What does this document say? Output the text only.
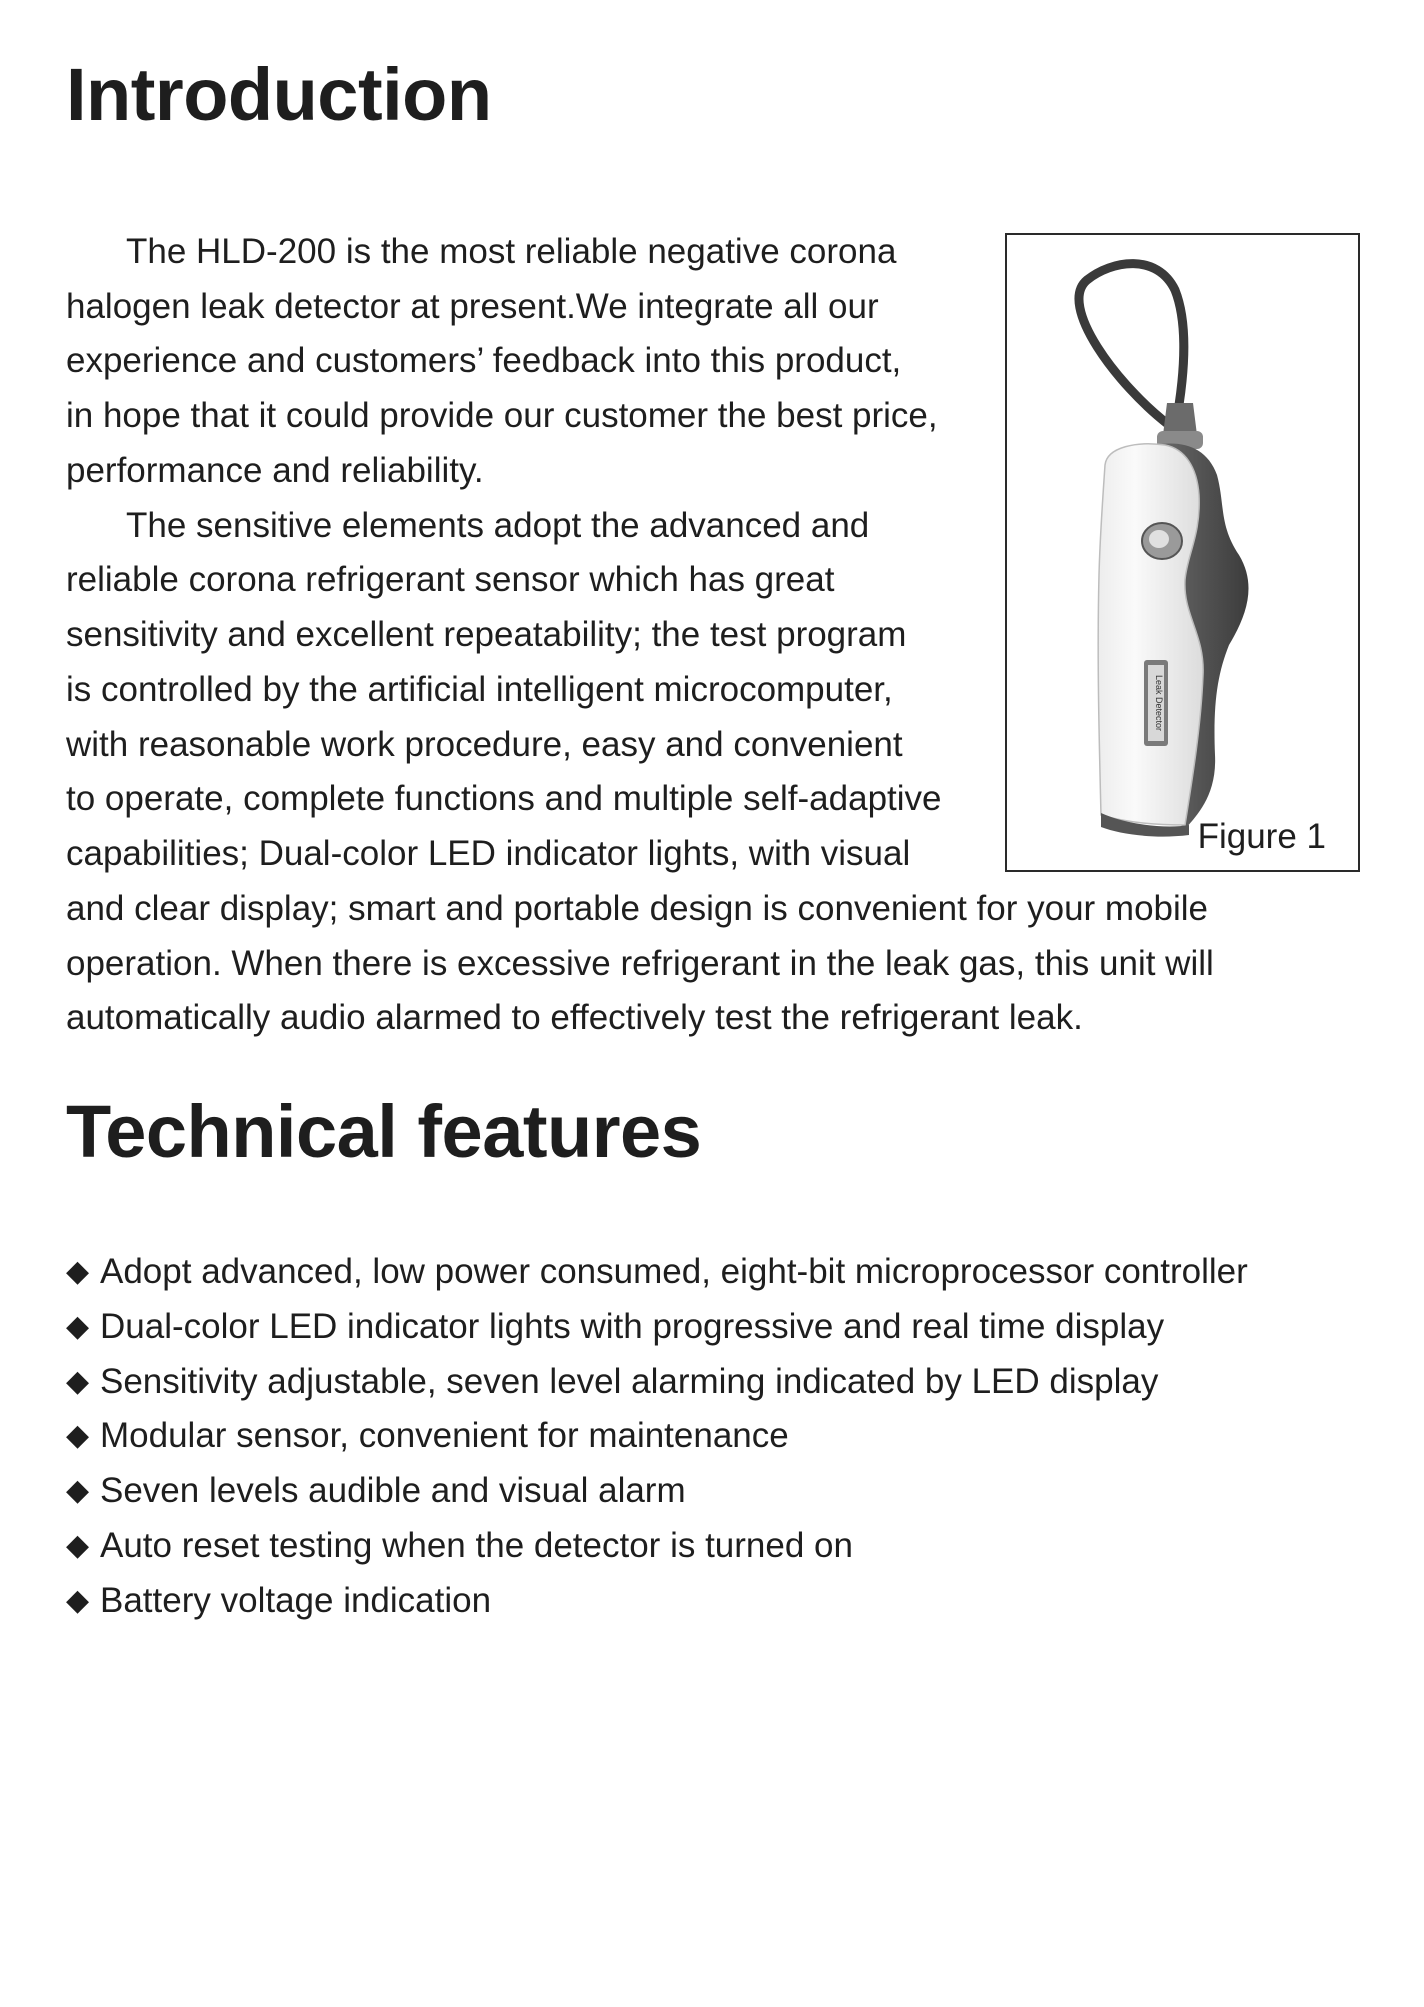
Introduction

The HLD-200 is the most reliable negative corona

halogen leak detector at present.We integrate all our

experience and customers’ feedback into this product,

in hope that it could provide our customer the best price,

performance and reliability.

The sensitive elements adopt the advanced and

reliable corona refrigerant sensor which has great

sensitivity and excellent repeatability; the test program

is controlled by the artificial intelligent microcomputer,

with reasonable work procedure, easy and convenient

to operate, complete functions and multiple self-adaptive

capabilities; Dual-color LED indicator lights, with visual

and clear display; smart and portable design is convenient for your mobile

operation. When there is excessive refrigerant in the leak gas, this unit will

automatically audio alarmed to effectively test the refrigerant leak.

Leak Detector
Figure 1
Technical features
◆ Adopt advanced, low power consumed, eight-bit microprocessor controller
◆ Dual-color LED indicator lights with progressive and real time display
◆ Sensitivity adjustable, seven level alarming indicated by LED display
◆ Modular sensor, convenient for maintenance
◆ Seven levels audible and visual alarm
◆ Auto reset testing when the detector is turned on
◆ Battery voltage indication
